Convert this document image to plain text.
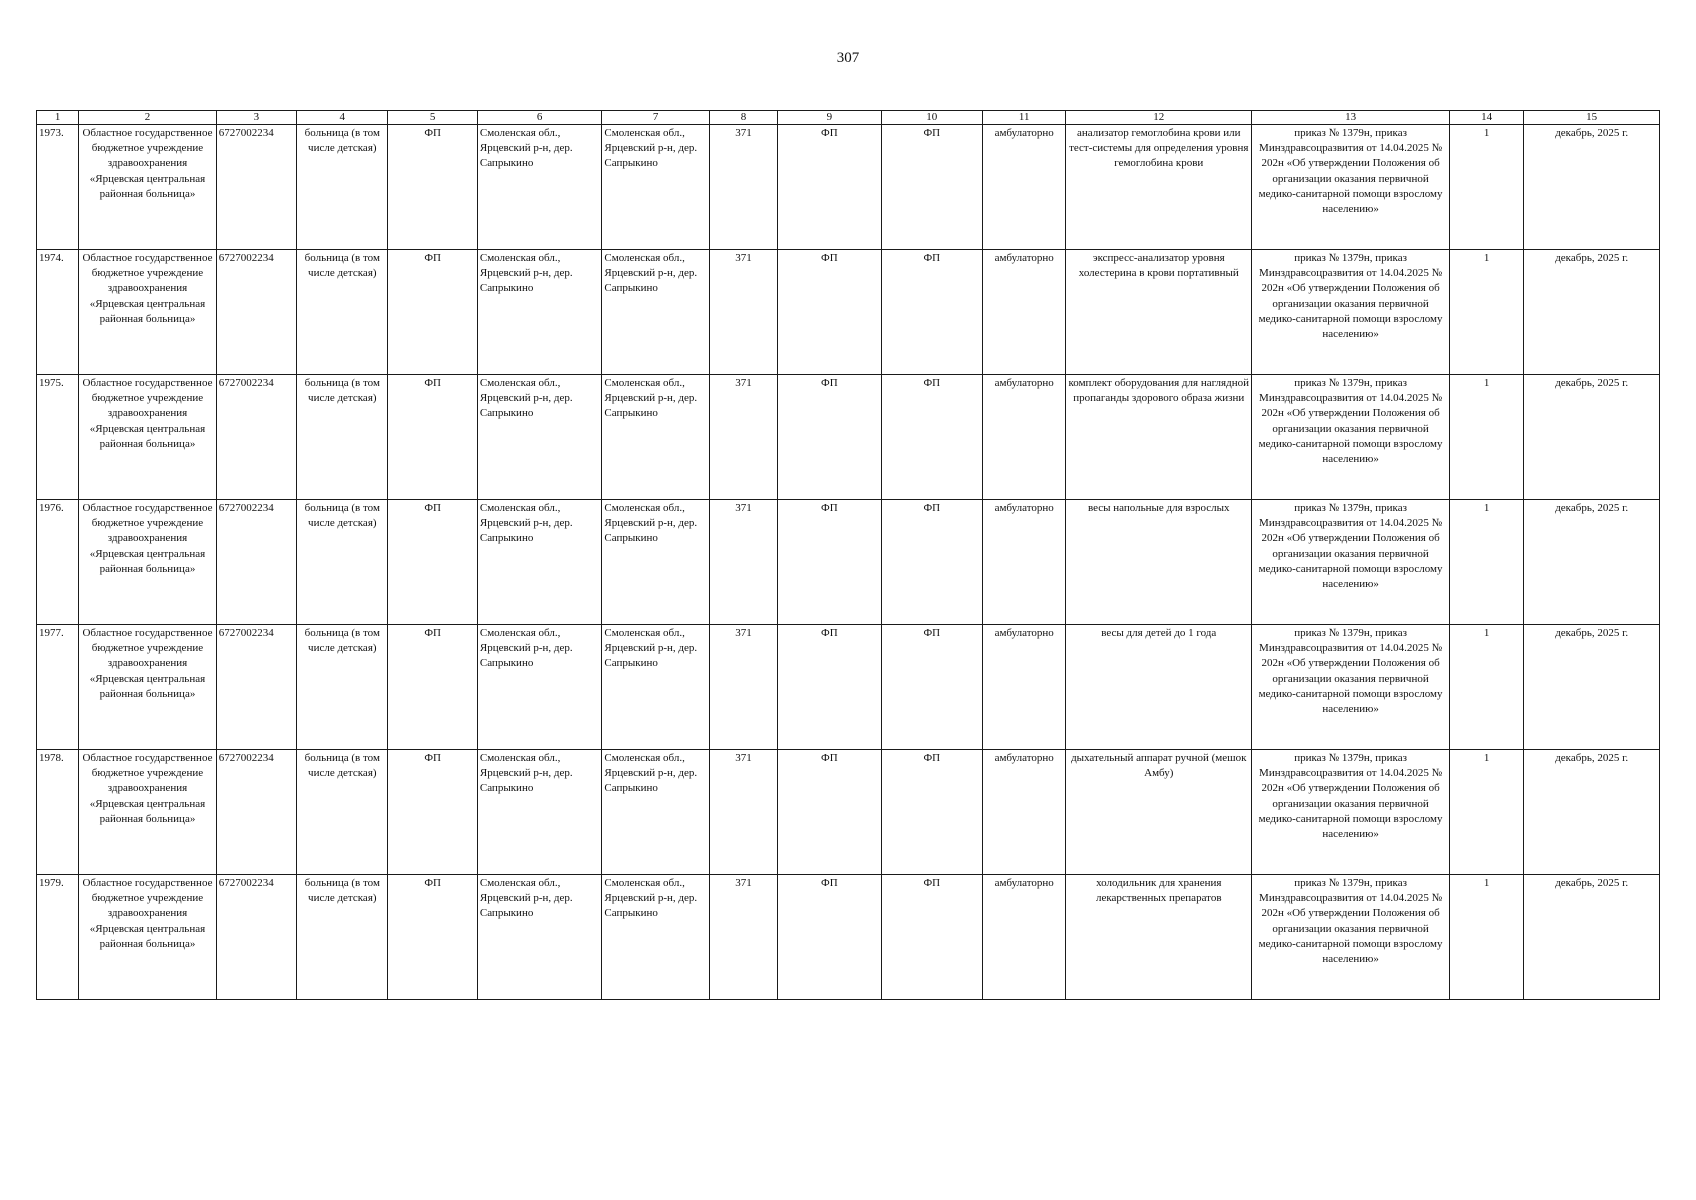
307
1	2	3	4	5	6	7	8	9	10	11	12	13	14	15
1973.	Областное государственное бюджетное учреждение здравоохранения «Ярцевская центральная районная больница»	6727002234	больница (в том числе детская)	ФП	Смоленская обл., Ярцевский р-н, дер. Сапрыкино	Смоленская обл., Ярцевский р-н, дер. Сапрыкино	371	ФП	ФП	амбулаторно	анализатор гемоглобина крови или тест-системы для определения уровня гемоглобина крови	приказ № 1379н, приказ Минздравсоцразвития от 14.04.2025 № 202н «Об утверждении Положения об организации оказания первичной медико-санитарной помощи взрослому населению»	1	декабрь, 2025 г.
1974.	Областное государственное бюджетное учреждение здравоохранения «Ярцевская центральная районная больница»	6727002234	больница (в том числе детская)	ФП	Смоленская обл., Ярцевский р-н, дер. Сапрыкино	Смоленская обл., Ярцевский р-н, дер. Сапрыкино	371	ФП	ФП	амбулаторно	экспресс-анализатор уровня холестерина в крови портативный	приказ № 1379н, приказ Минздравсоцразвития от 14.04.2025 № 202н «Об утверждении Положения об организации оказания первичной медико-санитарной помощи взрослому населению»	1	декабрь, 2025 г.
1975.	Областное государственное бюджетное учреждение здравоохранения «Ярцевская центральная районная больница»	6727002234	больница (в том числе детская)	ФП	Смоленская обл., Ярцевский р-н, дер. Сапрыкино	Смоленская обл., Ярцевский р-н, дер. Сапрыкино	371	ФП	ФП	амбулаторно	комплект оборудования для наглядной пропаганды здорового образа жизни	приказ № 1379н, приказ Минздравсоцразвития от 14.04.2025 № 202н «Об утверждении Положения об организации оказания первичной медико-санитарной помощи взрослому населению»	1	декабрь, 2025 г.
1976.	Областное государственное бюджетное учреждение здравоохранения «Ярцевская центральная районная больница»	6727002234	больница (в том числе детская)	ФП	Смоленская обл., Ярцевский р-н, дер. Сапрыкино	Смоленская обл., Ярцевский р-н, дер. Сапрыкино	371	ФП	ФП	амбулаторно	весы напольные для взрослых	приказ № 1379н, приказ Минздравсоцразвития от 14.04.2025 № 202н «Об утверждении Положения об организации оказания первичной медико-санитарной помощи взрослому населению»	1	декабрь, 2025 г.
1977.	Областное государственное бюджетное учреждение здравоохранения «Ярцевская центральная районная больница»	6727002234	больница (в том числе детская)	ФП	Смоленская обл., Ярцевский р-н, дер. Сапрыкино	Смоленская обл., Ярцевский р-н, дер. Сапрыкино	371	ФП	ФП	амбулаторно	весы для детей до 1 года	приказ № 1379н, приказ Минздравсоцразвития от 14.04.2025 № 202н «Об утверждении Положения об организации оказания первичной медико-санитарной помощи взрослому населению»	1	декабрь, 2025 г.
1978.	Областное государственное бюджетное учреждение здравоохранения «Ярцевская центральная районная больница»	6727002234	больница (в том числе детская)	ФП	Смоленская обл., Ярцевский р-н, дер. Сапрыкино	Смоленская обл., Ярцевский р-н, дер. Сапрыкино	371	ФП	ФП	амбулаторно	дыхательный аппарат ручной (мешок Амбу)	приказ № 1379н, приказ Минздравсоцразвития от 14.04.2025 № 202н «Об утверждении Положения об организации оказания первичной медико-санитарной помощи взрослому населению»	1	декабрь, 2025 г.
1979.	Областное государственное бюджетное учреждение здравоохранения «Ярцевская центральная районная больница»	6727002234	больница (в том числе детская)	ФП	Смоленская обл., Ярцевский р-н, дер. Сапрыкино	Смоленская обл., Ярцевский р-н, дер. Сапрыкино	371	ФП	ФП	амбулаторно	холодильник для хранения лекарственных препаратов	приказ № 1379н, приказ Минздравсоцразвития от 14.04.2025 № 202н «Об утверждении Положения об организации оказания первичной медико-санитарной помощи взрослому населению»	1	декабрь, 2025 г.
